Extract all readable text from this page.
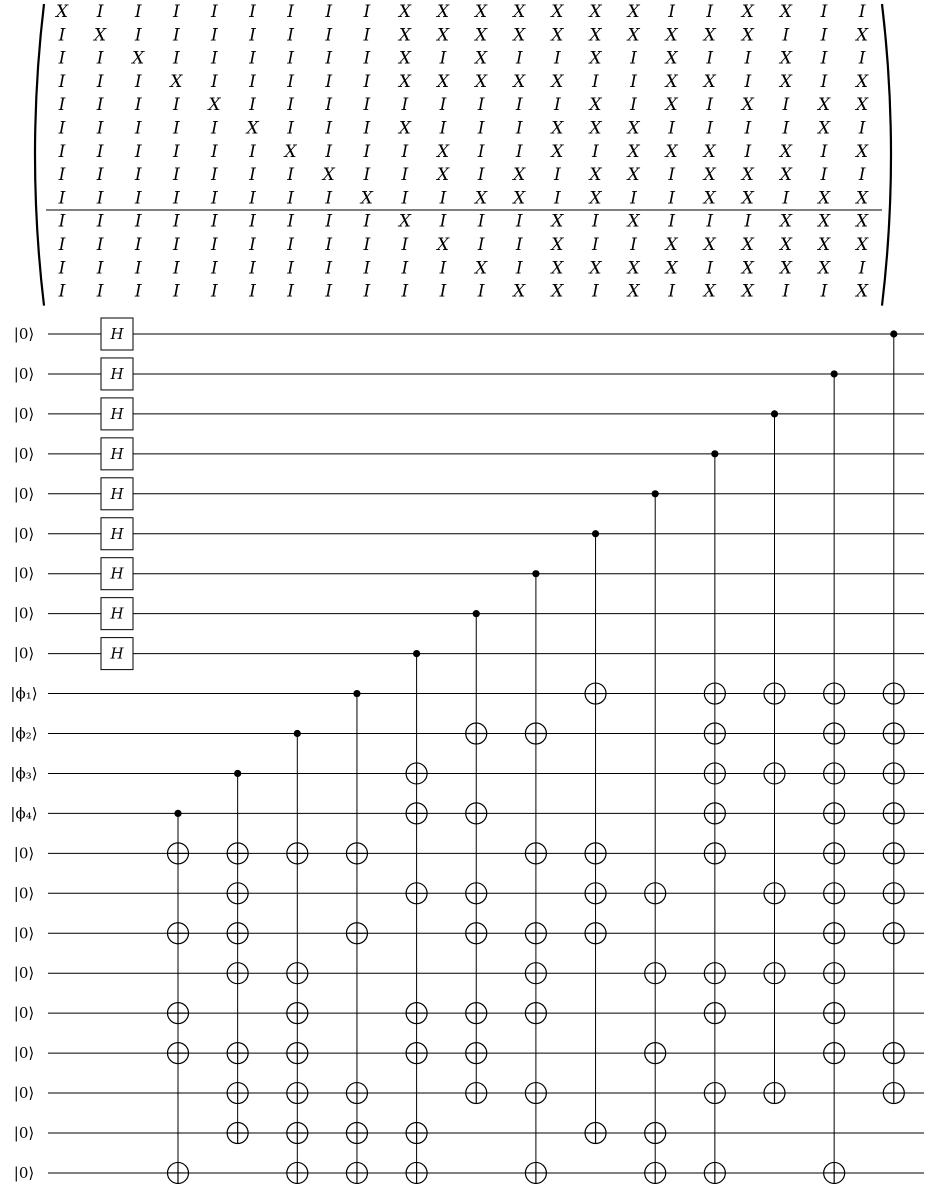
X I I I I I I I I X X X X X X X I I X X I I
I X I I I I I I I X X X X X X X X X X I I X
I I X I I I I I I X I X I I X I X I I X I I
I I I X I I I I I X X X X X I I X X I X I X
I I I I X I I I I I I I I I X I X I X I X X
I I I I I X I I I X I I I X X X I I I I X I
I I I I I I X I I I X I I X I X X X I X I X
I I I I I I I X I I X I X I X X I X X X I I
I I I I I I I I X I I X X I X I I X X I X X
I I I I I I I I I X I I I X I X I I I X X X
I I I I I I I I I I X I I X I I X X X X X X
I I I I I I I I I I I X I X X X X I X X X I
I I I I I I I I I I I I X X I X I X X I I X
|0⟩
|0⟩
|0⟩
|0⟩
|0⟩
|0⟩
|0⟩
|0⟩
|0⟩
|ϕ₁⟩
|ϕ₂⟩
|ϕ₃⟩
|ϕ₄⟩
|0⟩
|0⟩
|0⟩
|0⟩
|0⟩
|0⟩
|0⟩
|0⟩
|0⟩
H
H
H
H
H
H
H
H
H
